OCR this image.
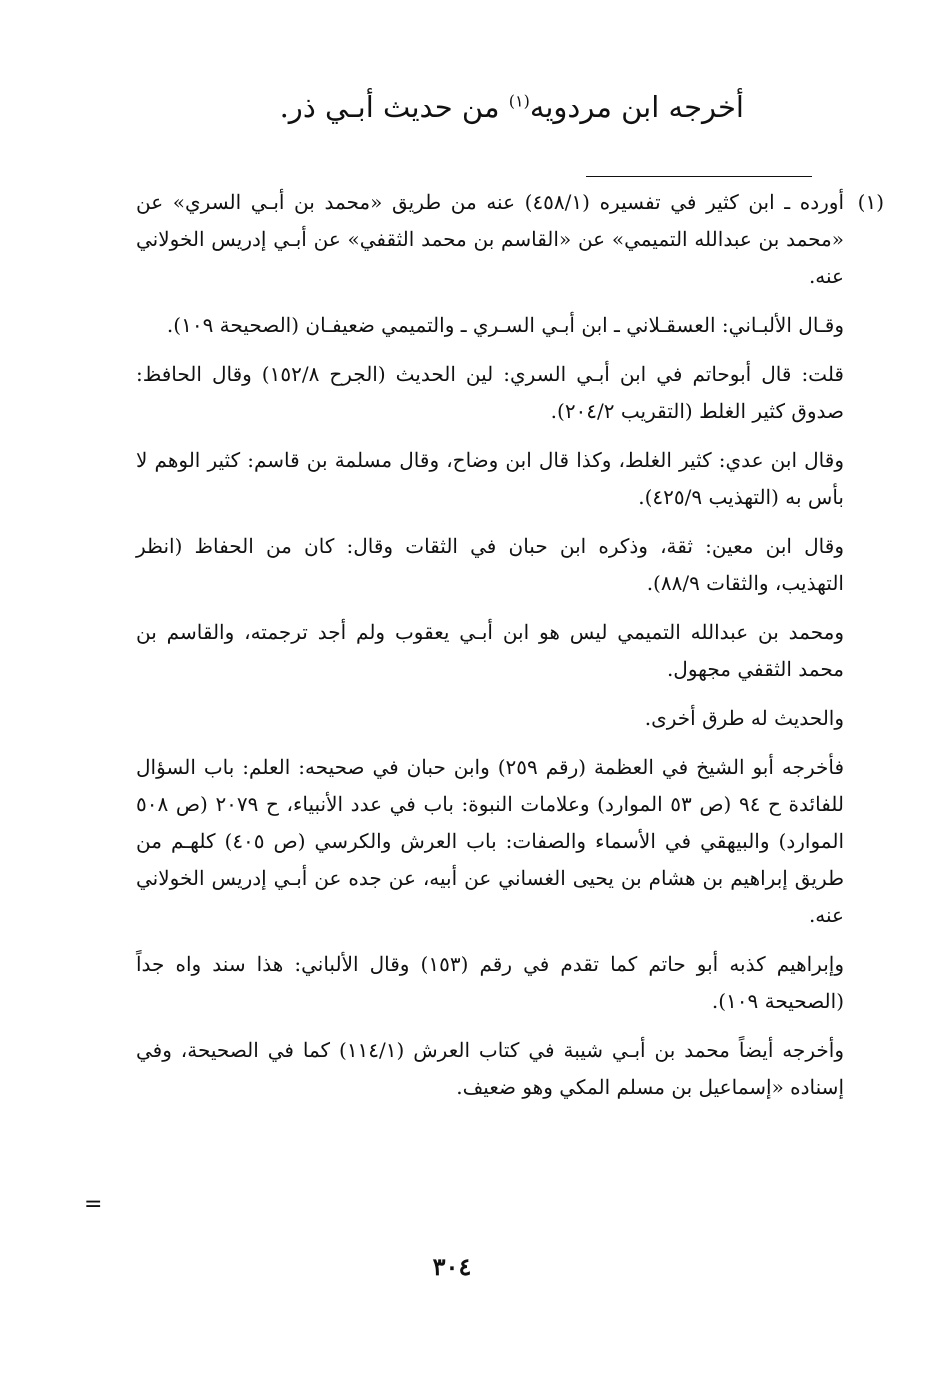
أخرجه ابن مردويه$^{(١)}$ من حديث أبـي ذر.

(١)
أورده ـ ابن كثير في تفسيره (٤٥٨/١) عنه من طريق «محمد بن أبـي السري» عن «محمد بن عبدالله التميمي» عن «القاسم بن محمد الثقفي» عن أبـي إدريس الخولاني عنه.

وقـال الألبـاني: العسقـلاني ـ ابن أبـي السـري ـ والتميمي ضعيفـان (الصحيحة ١٠٩).

قلت: قال أبوحاتم في ابن أبـي السري: لين الحديث (الجرح ١٥٢/٨) وقال الحافظ: صدوق كثير الغلط (التقريب ٢٠٤/٢).

وقال ابن عدي: كثير الغلط، وكذا قال ابن وضاح، وقال مسلمة بن قاسم: كثير الوهم لا بأس به (التهذيب ٤٢٥/٩).

وقال ابن معين: ثقة، وذكره ابن حبان في الثقات وقال: كان من الحفاظ (انظر التهذيب، والثقات ٨٨/٩).

ومحمد بن عبدالله التميمي ليس هو ابن أبـي يعقوب ولم أجد ترجمته، والقاسم بن محمد الثقفي مجهول.

والحديث له طرق أخرى.

فأخرجه أبو الشيخ في العظمة (رقم ٢٥٩) وابن حبان في صحيحه: العلم: باب السؤال للفائدة ح ٩٤ (ص ٥٣ الموارد) وعلامات النبوة: باب في عدد الأنبياء، ح ٢٠٧٩ (ص ٥٠٨ الموارد) والبيهقي في الأسماء والصفات: باب العرش والكرسي (ص ٤٠٥) كلهـم من طريق إبراهيم بن هشام بن يحيى الغساني عن أبيه، عن جده عن أبـي إدريس الخولاني عنه.

وإبراهيم كذبه أبو حاتم كما تقدم في رقم (١٥٣) وقال الألباني: هذا سند واه جداً (الصحيحة ١٠٩).

وأخرجه أيضاً محمد بن أبـي شيبة في كتاب العرش (١١٤/١) كما في الصحيحة، وفي إسناده «إسماعيل بن مسلم المكي وهو ضعيف.

=
٣٠٤
